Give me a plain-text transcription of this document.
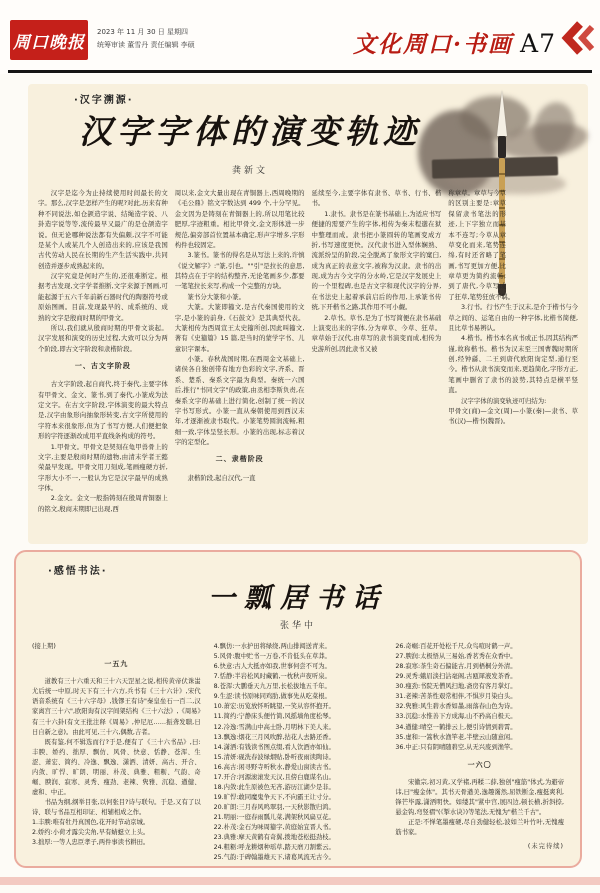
周口晚报
2023 年 11 月 30 日 星期四
统筹审读 董雪丹 责任编辑 李硕	文化周口·书画 A7
·汉字溯源·
汉字字体的演变轨迹
龚新文
汉字是迄今为止持续使用时间最长的文字。那么,汉字是怎样产生的呢?对此,历来有种种不同说法,如仓颉造字说、结绳造字说、八卦造字说等等,流传最早又最广的是仓颉造字说。但无论哪种说法都有失偏颇,汉字不可能是某个人或某几个人创造出来的,应该是我国古代劳动人民在长期的生产生活实践中,共同创造并逐步成熟起来的。
汉字究竟是何时产生的,还很难断定。根据考古发现,文字学者推断,文字来源于图画,可能起源于五六千年前新石器时代的陶器符号或原始图画。目前,发现最早的、成系统的、成熟的文字是殷商时期的甲骨文。
所以,我们就从殷商时期的甲骨文谈起。汉字发展和演变的历史过程,大致可以分为两个阶段,即古文字阶段和隶楷阶段。
一、古文字阶段
古文字阶段,起自商代,终于秦代,主要字体有甲骨文、金文、篆书,到了秦代,小篆成为法定文字。在古文字阶段,字体演变的最大特点是,汉字由象形向抽象形转变,古文字所使用的字符本来很象形,但为了书写方便,人们便把象形的字符逐渐改成用平直线条构成的符号。
1.甲骨文。甲骨文是契刻在龟甲兽骨上的文字,主要是殷商时期的遗物,由清末学者王懿荣最早发现。甲骨文用刀刻成,笔画瘦硬方折,字形大小不一,一般认为它是汉字最早的成熟字体。
2.金文。金文一般指铸刻在殷周青铜器上的铭文,殷商末期即已出现,西
周以来,金文大量出现在青铜器上,西周晚期的《毛公鼎》铭文字数达到 499 个,十分罕见。金文因为是铸刻在青铜器上的,所以用笔比较肥厚,字迹粗重。相比甲骨文,金文形体进一步规范,偏旁部首位置基本确定,形声字增多,字形构件也较固定。
3.篆书。篆书的得名是从写法上来的,许慎《说文解字》:"篆,引也。""引"是拉长的意思,其特点在于字的结构整齐,无论笔画多少,都要一笔笔拉长来写,构成一个完整的方块。
篆书分大篆和小篆。
大篆。大篆即籀文,是古代秦国使用的文字,是小篆的前身,《石鼓文》是其典型代表。大篆相传为西周宣王太史籀所创,因此叫籀文,著有《史籀篇》15 篇,是当时的蒙学字书、儿童识字课本。
小篆。春秋战国时期,在西周金文基础上,诸侯各自独创带有地方色彩的文字,齐系、晋系、楚系、秦系文字最为典型。秦统一六国后,推行"书同文字"的政策,由丞相李斯负责,在秦系文字的基础上进行简化,创制了统一的汉字书写形式。小篆一直从秦朝使用到西汉末年,才逐渐被隶书取代。小篆笔势圆润流畅,粗细一致,字体呈竖长形。小篆的出现,标志着汉字的定型化。
二、隶楷阶段
隶楷阶段,起自汉代,一直
延续至今,主要字体有隶书、草书、行书、楷书。
1.隶书。隶书是在篆书基础上,为适应书写便捷的需要产生的字体,相传为秦末程邈在狱中整理而成。隶书把小篆圆转的笔画变成方折,书写速度更快。汉代隶书进入型体娴熟、流派纷呈的阶段,完全脱离了象形文字的窠臼,成为真正的表意文字,被称为汉隶。隶书的出现,成为古今文字的分水岭,它是汉字发展史上的一个里程碑,也是古文字和现代汉字的分界,在书法史上起着承前启后的作用,上承篆书传统,下开楷书之路,其作用不可小觑。
2.草书。草书,是为了书写简便在隶书基础上演变出来的字体,分为章草、今草、狂草。章草始于汉代,由草写的隶书演变而成,相传为史游所创,因此隶书又被
称章草。章草与今草的区别主要是:章草保留隶书笔法的形迹,上下字独立而基本不连写;今草从章草变化而来,笔势连绵,有时还省略了笔画,书写更加方便,比章草更为简约流畅;到了唐代,今草写成了狂草,笔势狂放不羁。
3.行书。行书产生于汉末,是介于楷书与今草之间的、运笔自由的一种字体,比楷书简便,且比草书易辨认。
4.楷书。楷书本名真书或正书,因其结构严谨,故称楷书。楷书为汉末至三国曹魏时期所创,经钟繇、二王到唐代欧阳询定型,通行至今。楷书从隶书演变而来,更趋简化,字形方正,笔画中删省了隶书的波势,其特点是横平竖直。
汉字字体的演变轨迹可归结为:
甲骨文(商)—金文(周)—小篆(秦)—隶书、草书(汉)—楷书(魏晋)。
·感悟书法·
一瓢居书话
张华中
(接上期)
一五九
道教有三十六重天和三十六天罡星之说,相传黄帝伏诛蚩尤后统一中原,时天下有三十六方,兵书有《三十六计》,宋代语音系统有《三十六字母》,钱镠王有诗"秦皇垒石一百二,汉家离宫三十六",欧阳询有汉字间架结构《三十六法》,《周易》有三十六卦(有文王批注释《周易》,仲尼厄……振聋发聩,日日自新之意)。由此可见,三十六,偶数,吉者。
既有鉴,何不辑选而行?于是,便有了《三十六书品》,曰:丰腴、娇约、拙厚、飘仿、风骨、快意、恬静、苍浑、生涩、萧宏、简约、冷逸、飘逸、潇洒、清妍、高古、开合、内敛、旷悍、旷朗、明丽、朴茂、典雅、粗粝、气韵、奇崛、腴润、寂寒、灵秀、瘦劲、老辣、隽雅、沉稳、遒健、虚和、中正。
书品为纲,纲举目张,以何张目?诗与联句。于是,又有了以诗、联与书品互相印证、相辅相成之作。
1.丰腴:唯有牡丹真国色,花开时节动京城。
2.娇约:小荷才露尖尖角,早有蜻蜓立上头。
3.拙厚:一等人忠臣孝子,两件事读书耕田。
4.飘仿:一水护田将绿绕,两山排闼送青来。
5.风骨:腹中贮书一万卷,不肯低头在草莽。
6.快意:古人大抵亦如我,世事何尝不可为。
7.恬静:半岩松风时藏鹤,一枕秋声夜听泉。
8.苍浑:大鹏垂天九万里,长松拔地五千年。
9.生涩:读书原味同鸡肋,做事先从吃菜根。
10.萧宏:历览放怀听眺望,一笑从容怀抱开。
11.简约:宁静床头便竹简,风摇墙角度松琴。
12.冷逸:雪满山中高士卧,月明林下美人来。
13.飘逸:烟花三月风吹醉,拈花人去路还香。
14.潇洒:有钱读书图点缀,看人饮酒亦如仙。
15.清妍:砚洗春波绿烟贴,卧听夜雨读陶诗。
16.高古:闲寻野寺听秋水,静爱山窗读古书。
17.开合:河源滚滚发天汉,且傍白鹿谋名山。
18.内敛:此生原被色无吝,游历江湖少是非。
19.旷悍:敢同魔鬼争天下,不向霸王让寸分。
20.旷朗:三月春风鸣翠羽,一天秋影散归鸿。
21.明丽:一庭春雨瓢儿菜,满架秋风扁豆花。
22.朴茂:金石为味周籀字,黄庭始宜晋人书。
23.典雅:摩天黄鹤有奇翼,拨地苍松挺劲枝。
24.粗粝:呼龙耕烟种瑶草,踏天磨刀割紫云。
25.气韵:于碑翰墨雄天下,诸葛风流无古今。
26.奇崛:百花开处松千尺,众鸟喧时鹤一声。
27.腴润:太极悟从三易始,香茗秀在众香中。
28.寂寒:茶生奇石偏能古,月到梧桐分外清。
29.灵秀:蛾眉淡扫沾毫阁,古瓯犀液发茶香。
30.瘦劲:书院无僧风扫地,斋房有客月掌灯。
31.老辣:苦茶性艰常相伴,不惧岁月染白头。
32.隽雅:风生碧水香如墨,雨落春山色为诗。
33.沉稳:水惟善下方成海,山不矜高自极天。
34.遒健:晴空一鹤排云上,便引诗情到碧霄。
35.虚和:一篙秋水渔竿老,半壁云山随意闲。
36.中正:只有阴晴随碧空,从无兴废到渔竿。
一六〇
宋徽宗,初习黄,又学褚,再糅二薛,独创"瘦筋"体式,为避帝讳,曰"瘦金体"。其书天骨遒美,逸趣霭然,屈铁断金,瘦挺爽利,锋芒毕露,潇洒明快。如缕其"紧中宫,展四边,顿长横,折斜捺,悬金钩,弯竖褶"(《掣水诀》)等笔法,无愧为"楷兰千古"。
正是:不惮笔墨瘦硬,尽自劲健轻松,波如兰叶竹叶,无愧瘦筋书家。
(未完待续)
